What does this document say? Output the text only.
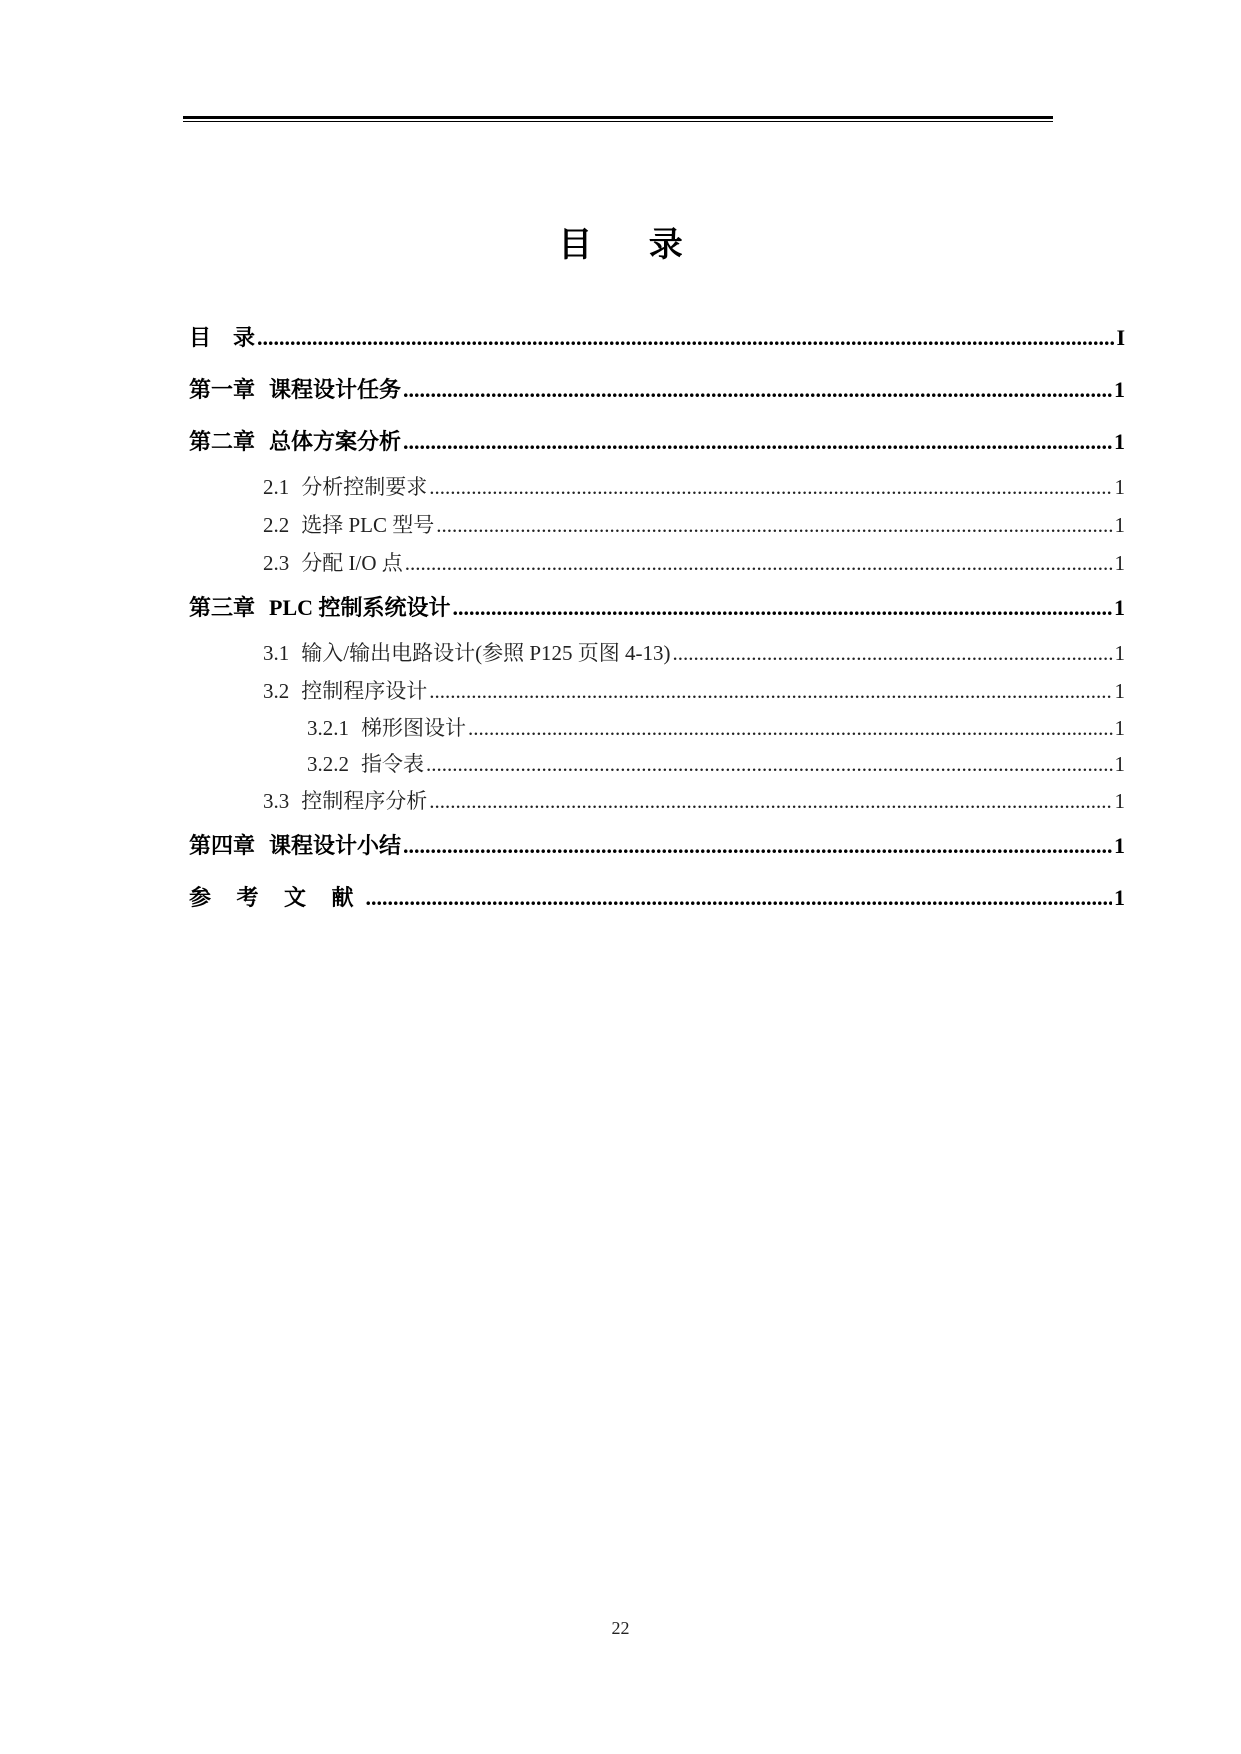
目 录
目　录 .....	I
第一章 课程设计任务 .....	1
第二章 总体方案分析 .....	1
2.1 分析控制要求 .....	1
2.2 选择 PLC 型号 .....	1
2.3 分配 I/O 点 .....	1
第三章 PLC 控制系统设计 .....	1
3.1 输入/输出电路设计(参照 P125 页图 4-13) .....	1
3.2 控制程序设计 .....	1
3.2.1 梯形图设计 .....	1
3.2.2 指令表 .....	1
3.3 控制程序分析 .....	1
第四章 课程设计小结 .....	1
参 考 文 献 .....	1
22
